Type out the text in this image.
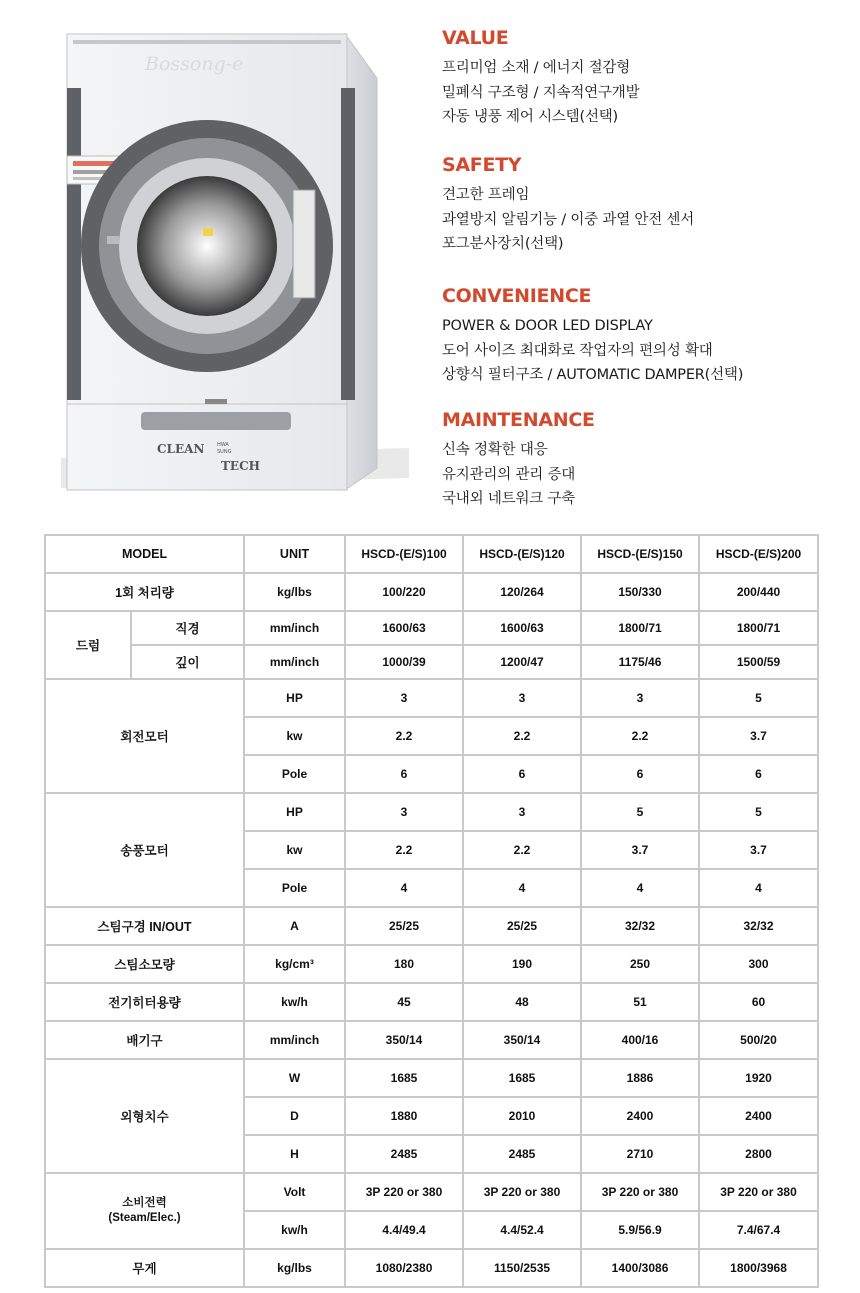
Bossong-e
CLEAN	HWA
SUNG
TECH
VALUE
프리미엄 소재 / 에너지 절감형
밀폐식 구조형 / 지속적연구개발
자동 냉풍 제어 시스템(선택)
SAFETY
견고한 프레임
과열방지 알림기능 / 이중 과열 안전 센서
포그분사장치(선택)
CONVENIENCE
POWER & DOOR LED DISPLAY
도어 사이즈 최대화로 작업자의 편의성 확대
상향식 필터구조 / AUTOMATIC DAMPER(선택)
MAINTENANCE
신속 정확한 대응
유지관리의 관리 증대
국내외 네트워크 구축
MODEL		UNIT	HSCD-(E/S)100	HSCD-(E/S)120	HSCD-(E/S)150	HSCD-(E/S)200
1회 처리량		kg/lbs	100/220	120/264	150/330	200/440
드럼	직경	mm/inch	1600/63	1600/63	1800/71	1800/71
	깊이	mm/inch	1000/39	1200/47	1175/46	1500/59
회전모터		HP	3	3	3	5
		kw	2.2	2.2	2.2	3.7
		Pole	6	6	6	6
송풍모터		HP	3	3	5	5
		kw	2.2	2.2	3.7	3.7
		Pole	4	4	4	4
스팀구경 IN/OUT		A	25/25	25/25	32/32	32/32
스팀소모량		kg/cm³	180	190	250	300
전기히터용량		kw/h	45	48	51	60
배기구		mm/inch	350/14	350/14	400/16	500/20
외형치수		W	1685	1685	1886	1920
		D	1880	2010	2400	2400
		H	2485	2485	2710	2800

소비전력
(Steam/Elec.)		Volt	3P 220 or 380	3P 220 or 380	3P 220 or 380	3P 220 or 380
		kw/h	4.4/49.4	4.4/52.4	5.9/56.9	7.4/67.4
무게		kg/lbs	1080/2380	1150/2535	1400/3086	1800/3968
